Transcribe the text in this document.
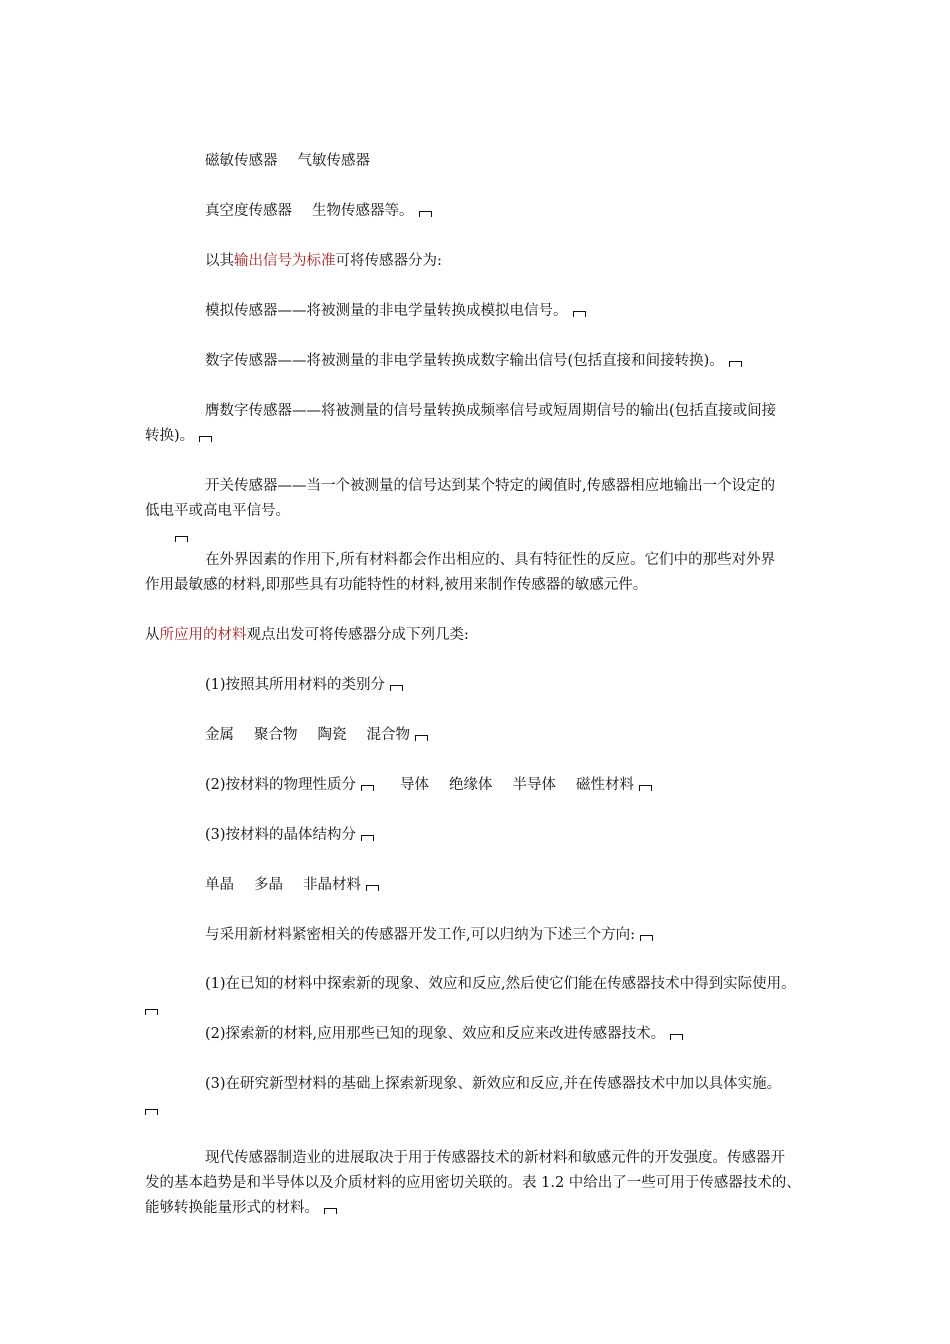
磁敏传感器 气敏传感器
真空度传感器 生物传感器等。
以其输出信号为标准可将传感器分为:
模拟传感器——将被测量的非电学量转换成模拟电信号。
数字传感器——将被测量的非电学量转换成数字输出信号(包括直接和间接转换)。
膺数字传感器——将被测量的信号量转换成频率信号或短周期信号的输出(包括直接或间接
转换)。
开关传感器——当一个被测量的信号达到某个特定的阈值时,传感器相应地输出一个设定的
低电平或高电平信号。
在外界因素的作用下,所有材料都会作出相应的、具有特征性的反应。它们中的那些对外界
作用最敏感的材料,即那些具有功能特性的材料,被用来制作传感器的敏感元件。
从所应用的材料观点出发可将传感器分成下列几类:
(1)按照其所用材料的类别分
金属 聚合物 陶瓷 混合物
(2)按材料的物理性质分	导体 绝缘体 半导体 磁性材料
(3)按材料的晶体结构分
单晶 多晶 非晶材料
与采用新材料紧密相关的传感器开发工作,可以归纳为下述三个方向:
(1)在已知的材料中探索新的现象、效应和反应,然后使它们能在传感器技术中得到实际使用。
(2)探索新的材料,应用那些已知的现象、效应和反应来改进传感器技术。
(3)在研究新型材料的基础上探索新现象、新效应和反应,并在传感器技术中加以具体实施。
现代传感器制造业的进展取决于用于传感器技术的新材料和敏感元件的开发强度。传感器开
发的基本趋势是和半导体以及介质材料的应用密切关联的。表 1.2 中给出了一些可用于传感器技术的、
能够转换能量形式的材料。
